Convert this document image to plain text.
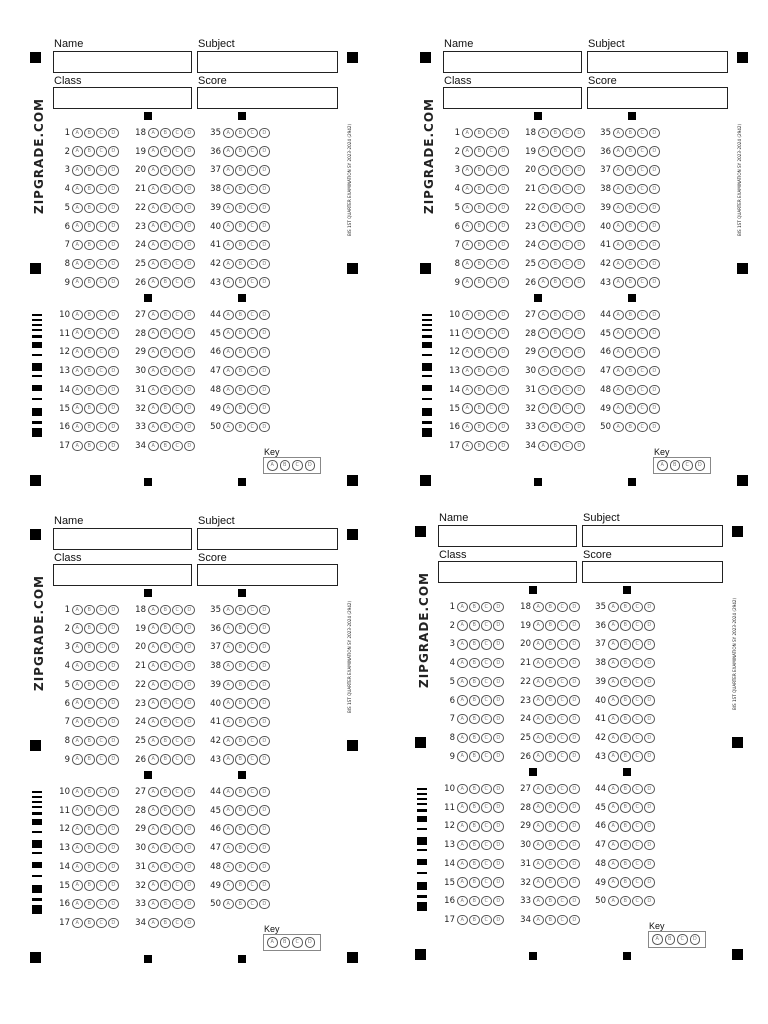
Name	Subject
Class	Score
ZIPGRADE.COM	BIS 1ST QUARTER EXAMINATION SY 2023-2024 (2942)
1	A	B	C	D
2	A	B	C	D
3	A	B	C	D
4	A	B	C	D
5	A	B	C	D
6	A	B	C	D
7	A	B	C	D
8	A	B	C	D
9	A	B	C	D
10	A	B	C	D
11	A	B	C	D
12	A	B	C	D
13	A	B	C	D
14	A	B	C	D
15	A	B	C	D
16	A	B	C	D
17	A	B	C	D
18	A	B	C	D
19	A	B	C	D
20	A	B	C	D
21	A	B	C	D
22	A	B	C	D
23	A	B	C	D
24	A	B	C	D
25	A	B	C	D
26	A	B	C	D
27	A	B	C	D
28	A	B	C	D
29	A	B	C	D
30	A	B	C	D
31	A	B	C	D
32	A	B	C	D
33	A	B	C	D
34	A	B	C	D
35	A	B	C	D
36	A	B	C	D
37	A	B	C	D
38	A	B	C	D
39	A	B	C	D
40	A	B	C	D
41	A	B	C	D
42	A	B	C	D
43	A	B	C	D
44	A	B	C	D
45	A	B	C	D
46	A	B	C	D
47	A	B	C	D
48	A	B	C	D
49	A	B	C	D
50	A	B	C	D
Key
A	B	C	D
Name	Subject
Class	Score
ZIPGRADE.COM	BIS 1ST QUARTER EXAMINATION SY 2023-2024 (2942)
1	A	B	C	D
2	A	B	C	D
3	A	B	C	D
4	A	B	C	D
5	A	B	C	D
6	A	B	C	D
7	A	B	C	D
8	A	B	C	D
9	A	B	C	D
10	A	B	C	D
11	A	B	C	D
12	A	B	C	D
13	A	B	C	D
14	A	B	C	D
15	A	B	C	D
16	A	B	C	D
17	A	B	C	D
18	A	B	C	D
19	A	B	C	D
20	A	B	C	D
21	A	B	C	D
22	A	B	C	D
23	A	B	C	D
24	A	B	C	D
25	A	B	C	D
26	A	B	C	D
27	A	B	C	D
28	A	B	C	D
29	A	B	C	D
30	A	B	C	D
31	A	B	C	D
32	A	B	C	D
33	A	B	C	D
34	A	B	C	D
35	A	B	C	D
36	A	B	C	D
37	A	B	C	D
38	A	B	C	D
39	A	B	C	D
40	A	B	C	D
41	A	B	C	D
42	A	B	C	D
43	A	B	C	D
44	A	B	C	D
45	A	B	C	D
46	A	B	C	D
47	A	B	C	D
48	A	B	C	D
49	A	B	C	D
50	A	B	C	D
Key
A	B	C	D
Name	Subject
Class	Score
ZIPGRADE.COM	BIS 1ST QUARTER EXAMINATION SY 2023-2024 (2942)
1	A	B	C	D
2	A	B	C	D
3	A	B	C	D
4	A	B	C	D
5	A	B	C	D
6	A	B	C	D
7	A	B	C	D
8	A	B	C	D
9	A	B	C	D
10	A	B	C	D
11	A	B	C	D
12	A	B	C	D
13	A	B	C	D
14	A	B	C	D
15	A	B	C	D
16	A	B	C	D
17	A	B	C	D
18	A	B	C	D
19	A	B	C	D
20	A	B	C	D
21	A	B	C	D
22	A	B	C	D
23	A	B	C	D
24	A	B	C	D
25	A	B	C	D
26	A	B	C	D
27	A	B	C	D
28	A	B	C	D
29	A	B	C	D
30	A	B	C	D
31	A	B	C	D
32	A	B	C	D
33	A	B	C	D
34	A	B	C	D
35	A	B	C	D
36	A	B	C	D
37	A	B	C	D
38	A	B	C	D
39	A	B	C	D
40	A	B	C	D
41	A	B	C	D
42	A	B	C	D
43	A	B	C	D
44	A	B	C	D
45	A	B	C	D
46	A	B	C	D
47	A	B	C	D
48	A	B	C	D
49	A	B	C	D
50	A	B	C	D
Key
A	B	C	D
Name	Subject
Class	Score
ZIPGRADE.COM	BIS 1ST QUARTER EXAMINATION SY 2023-2024 (2942)
1	A	B	C	D
2	A	B	C	D
3	A	B	C	D
4	A	B	C	D
5	A	B	C	D
6	A	B	C	D
7	A	B	C	D
8	A	B	C	D
9	A	B	C	D
10	A	B	C	D
11	A	B	C	D
12	A	B	C	D
13	A	B	C	D
14	A	B	C	D
15	A	B	C	D
16	A	B	C	D
17	A	B	C	D
18	A	B	C	D
19	A	B	C	D
20	A	B	C	D
21	A	B	C	D
22	A	B	C	D
23	A	B	C	D
24	A	B	C	D
25	A	B	C	D
26	A	B	C	D
27	A	B	C	D
28	A	B	C	D
29	A	B	C	D
30	A	B	C	D
31	A	B	C	D
32	A	B	C	D
33	A	B	C	D
34	A	B	C	D
35	A	B	C	D
36	A	B	C	D
37	A	B	C	D
38	A	B	C	D
39	A	B	C	D
40	A	B	C	D
41	A	B	C	D
42	A	B	C	D
43	A	B	C	D
44	A	B	C	D
45	A	B	C	D
46	A	B	C	D
47	A	B	C	D
48	A	B	C	D
49	A	B	C	D
50	A	B	C	D
Key
A	B	C	D
